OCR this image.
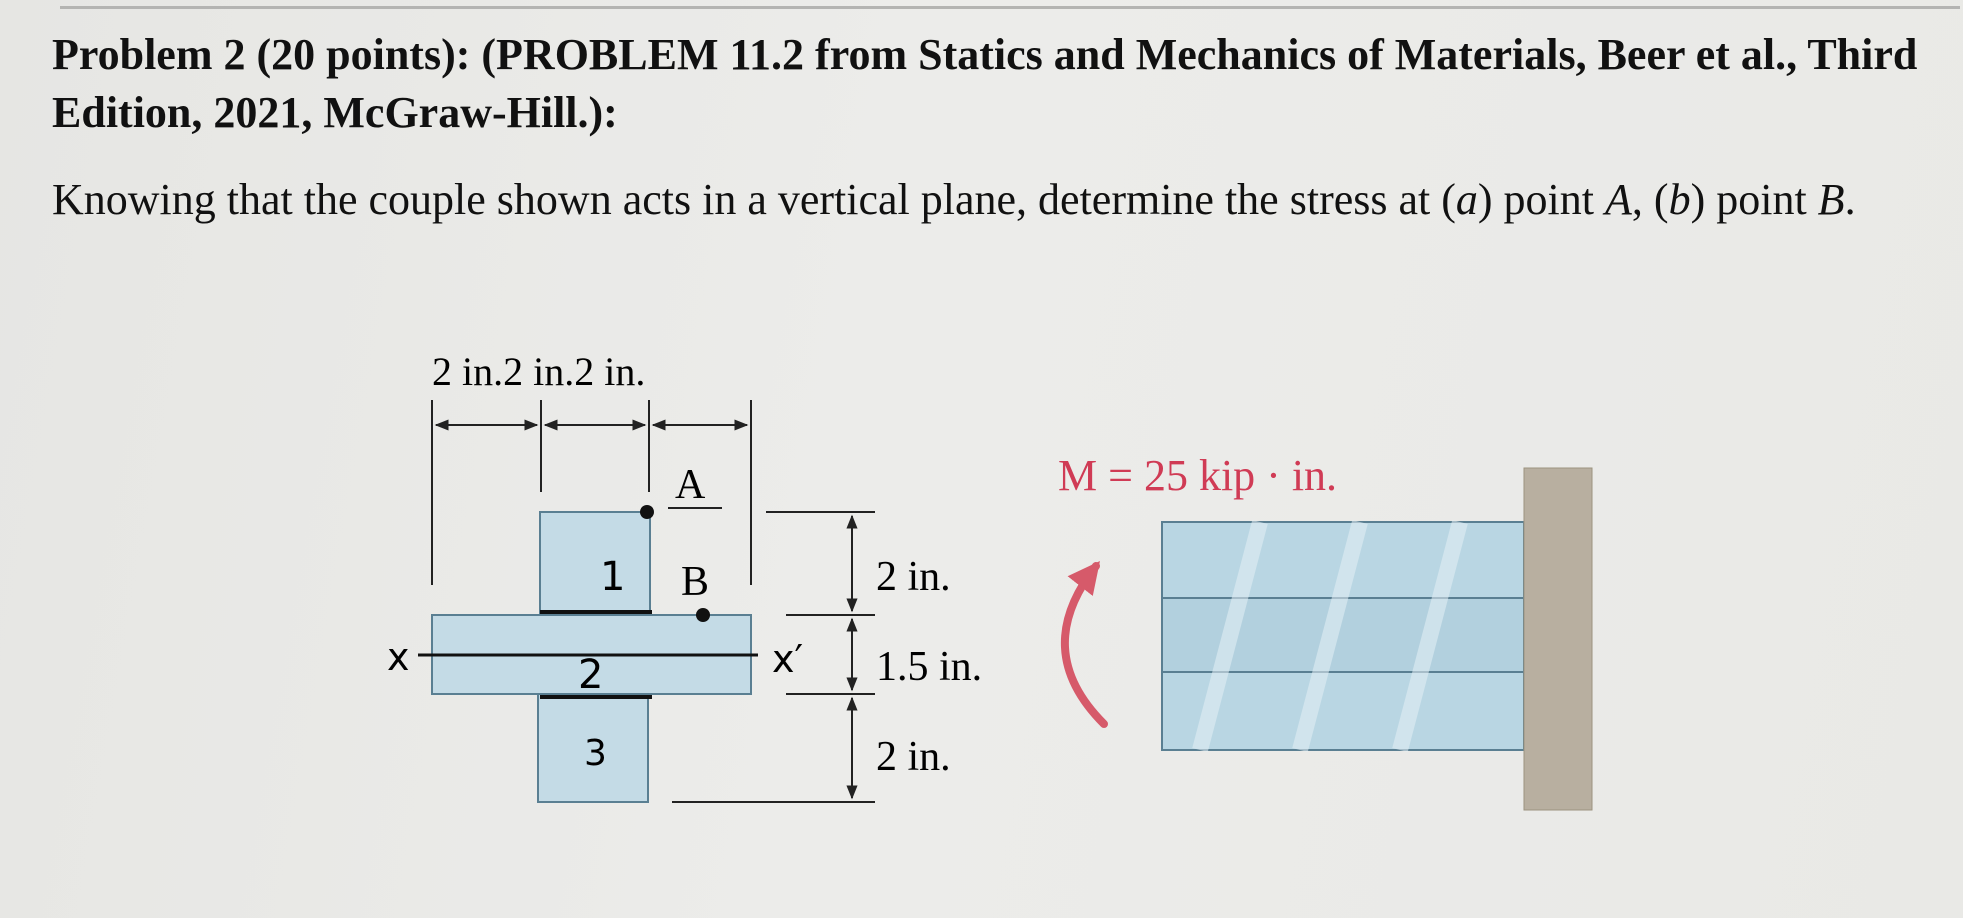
Problem 2 (20 points): (PROBLEM 11.2 from Statics and Mechanics of Materials, Beer et al., Third Edition, 2021, McGraw-Hill.):
Knowing that the couple shown acts in a vertical plane, determine the stress at (a) point A, (b) point B.
2 in.2 in.2 in.
A
B
1
2
3
x	x′
2 in.
1.5 in.
2 in.
M = 25 kip · in.
